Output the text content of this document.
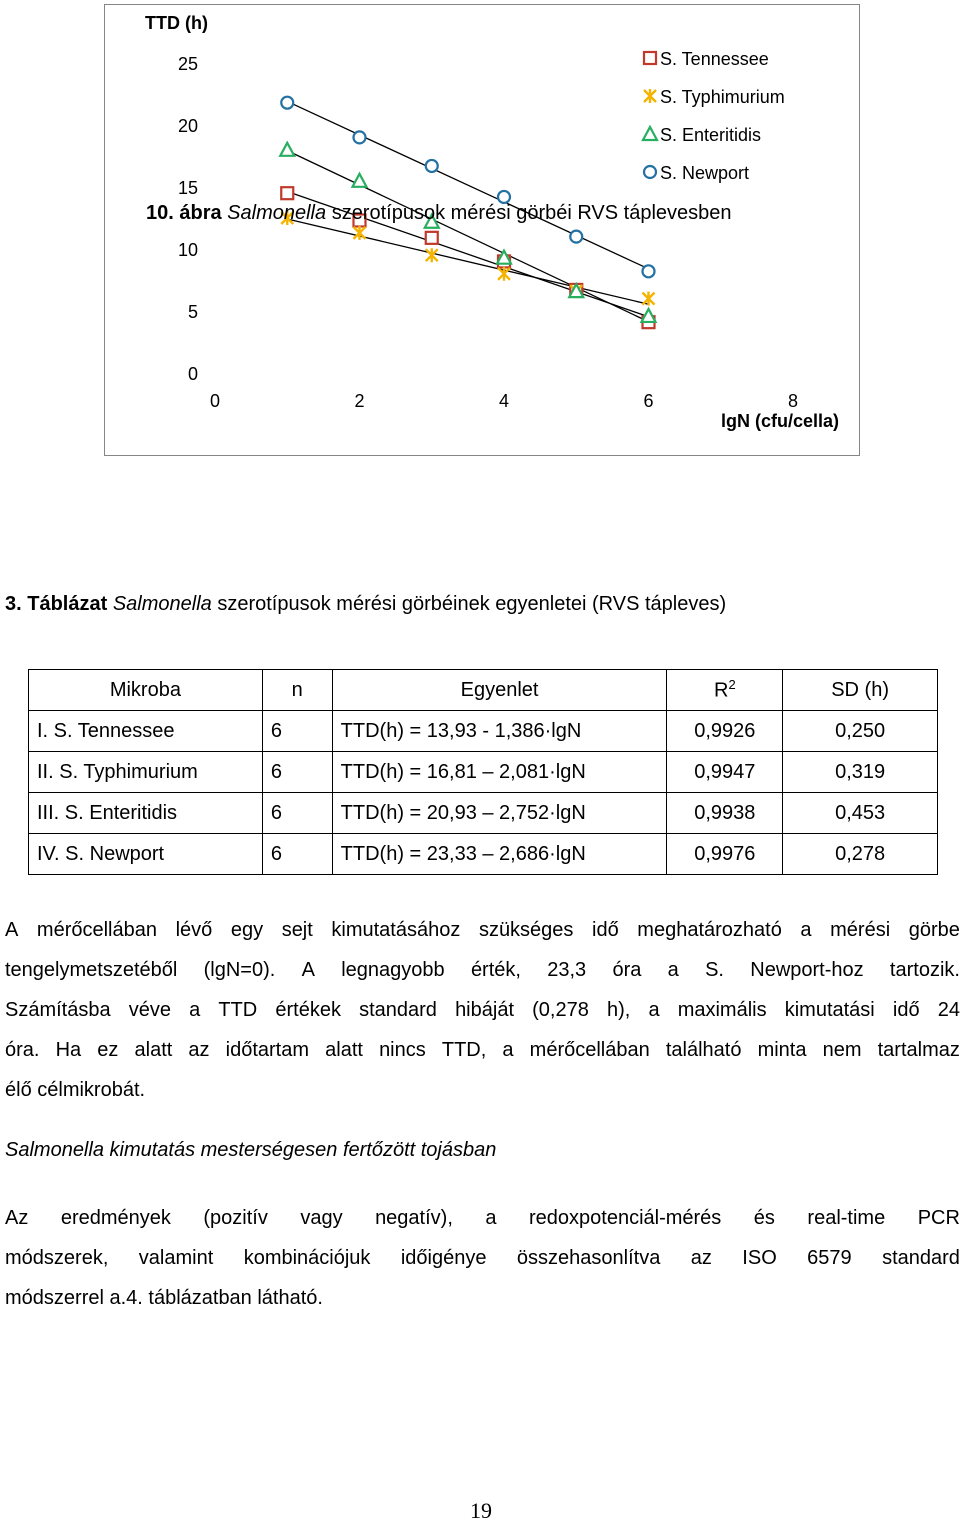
TTD (h)
lgN (cfu/cella)
0
5
10
15
20
25
0	2	4	6	8
S. Tennessee
S. Typhimurium
S. Enteritidis
S. Newport
10. ábra Salmonella szerotípusok mérési görbéi RVS táplevesben
3. Táblázat Salmonella szerotípusok mérési görbéinek egyenletei (RVS tápleves)
Mikroba	n	Egyenlet	$R^2$	SD (h)
I. S. Tennessee	6	TTD(h) = 13,93 - 1,386·lgN	0,9926	0,250
II. S. Typhimurium	6	TTD(h) = 16,81 – 2,081·lgN	0,9947	0,319
III. S. Enteritidis	6	TTD(h) = 20,93 – 2,752·lgN	0,9938	0,453
IV. S. Newport	6	TTD(h) = 23,33 – 2,686·lgN	0,9976	0,278
A mérőcellában lévő egy sejt kimutatásához szükséges idő meghatározható a mérési görbe
tengelymetszetéből (lgN=0). A legnagyobb érték, 23,3 óra a S. Newport-hoz tartozik.
Számításba véve a TTD értékek standard hibáját (0,278 h), a maximális kimutatási idő 24
óra. Ha ez alatt az időtartam alatt nincs TTD, a mérőcellában található minta nem tartalmaz
élő célmikrobát.
Salmonella kimutatás mesterségesen fertőzött tojásban
Az eredmények (pozitív vagy negatív), a redoxpotenciál-mérés és real-time PCR
módszerek, valamint kombinációjuk időigénye összehasonlítva az ISO 6579 standard
módszerrel a.4. táblázatban látható.
19
